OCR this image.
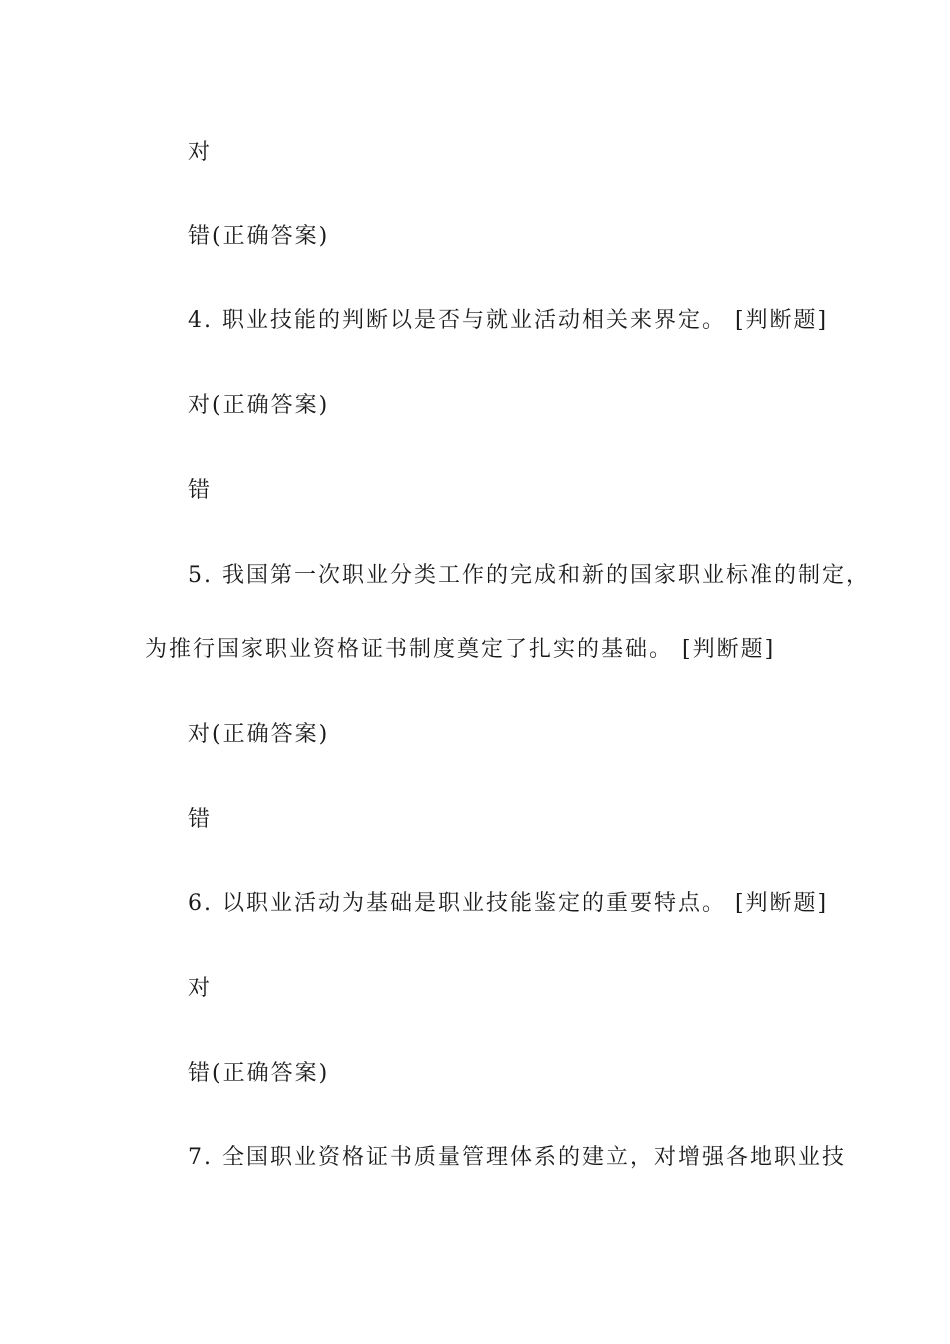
对
错(正确答案)
4. 职业技能的判断以是否与就业活动相关来界定。 [判断题]
对(正确答案)
错
5. 我国第一次职业分类工作的完成和新的国家职业标准的制定，
为推行国家职业资格证书制度奠定了扎实的基础。 [判断题]
对(正确答案)
错
6. 以职业活动为基础是职业技能鉴定的重要特点。 [判断题]
对
错(正确答案)
7. 全国职业资格证书质量管理体系的建立，对增强各地职业技
